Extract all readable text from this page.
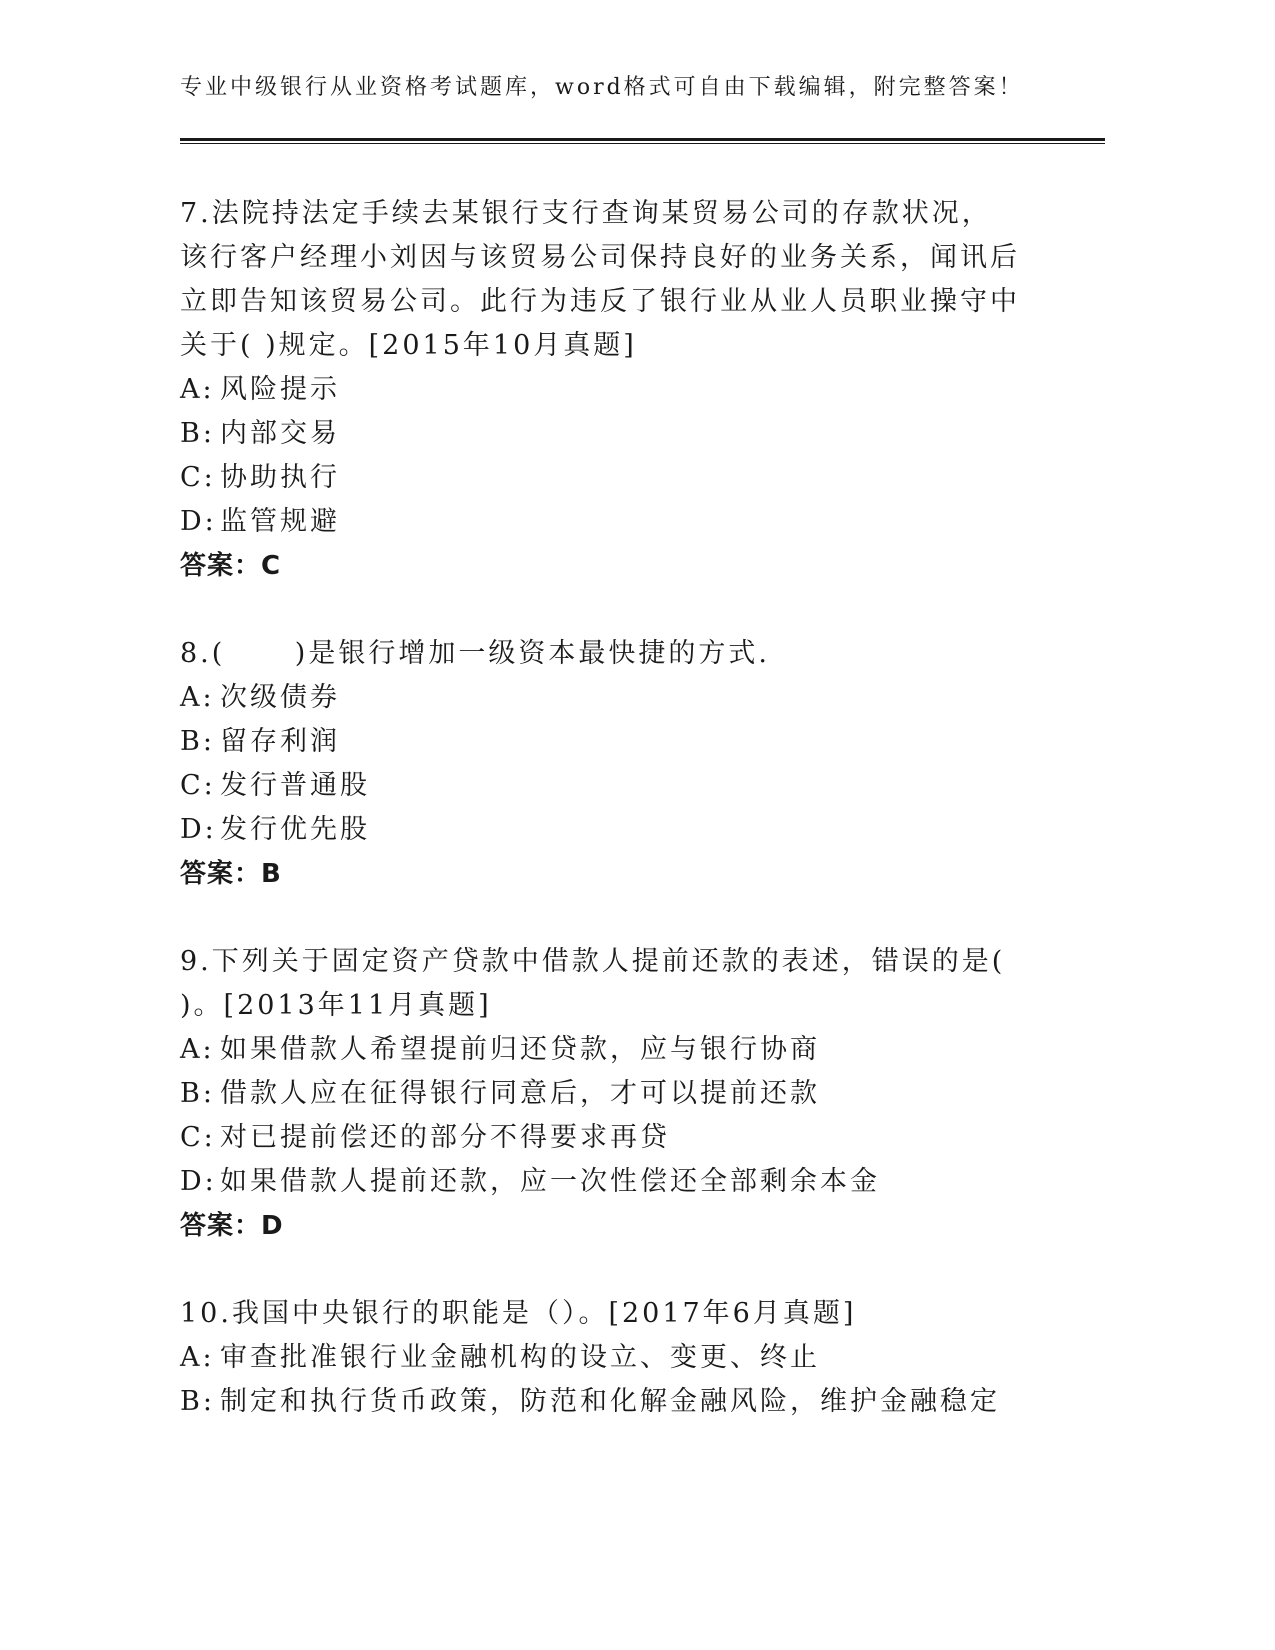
专业中级银行从业资格考试题库，word格式可自由下载编辑，附完整答案！

7.法院持法定手续去某银行支行查询某贸易公司的存款状况，该行客户经理小刘因与该贸易公司保持良好的业务关系，闻讯后立即告知该贸易公司。此行为违反了银行业从业人员职业操守中关于( )规定。[2015年10月真题]

A: 风险提示

B: 内部交易

C: 协助执行

D: 监管规避

答案：C

8.(      )是银行增加一级资本最快捷的方式.

A: 次级债券

B: 留存利润

C: 发行普通股

D: 发行优先股

答案：B

9.下列关于固定资产贷款中借款人提前还款的表述，错误的是( )。[2013年11月真题]

A: 如果借款人希望提前归还贷款，应与银行协商

B: 借款人应在征得银行同意后，才可以提前还款

C: 对已提前偿还的部分不得要求再贷

D: 如果借款人提前还款，应一次性偿还全部剩余本金

答案：D

10.我国中央银行的职能是（）。[2017年6月真题]

A: 审查批准银行业金融机构的设立、变更、终止

B: 制定和执行货币政策，防范和化解金融风险，维护金融稳定
